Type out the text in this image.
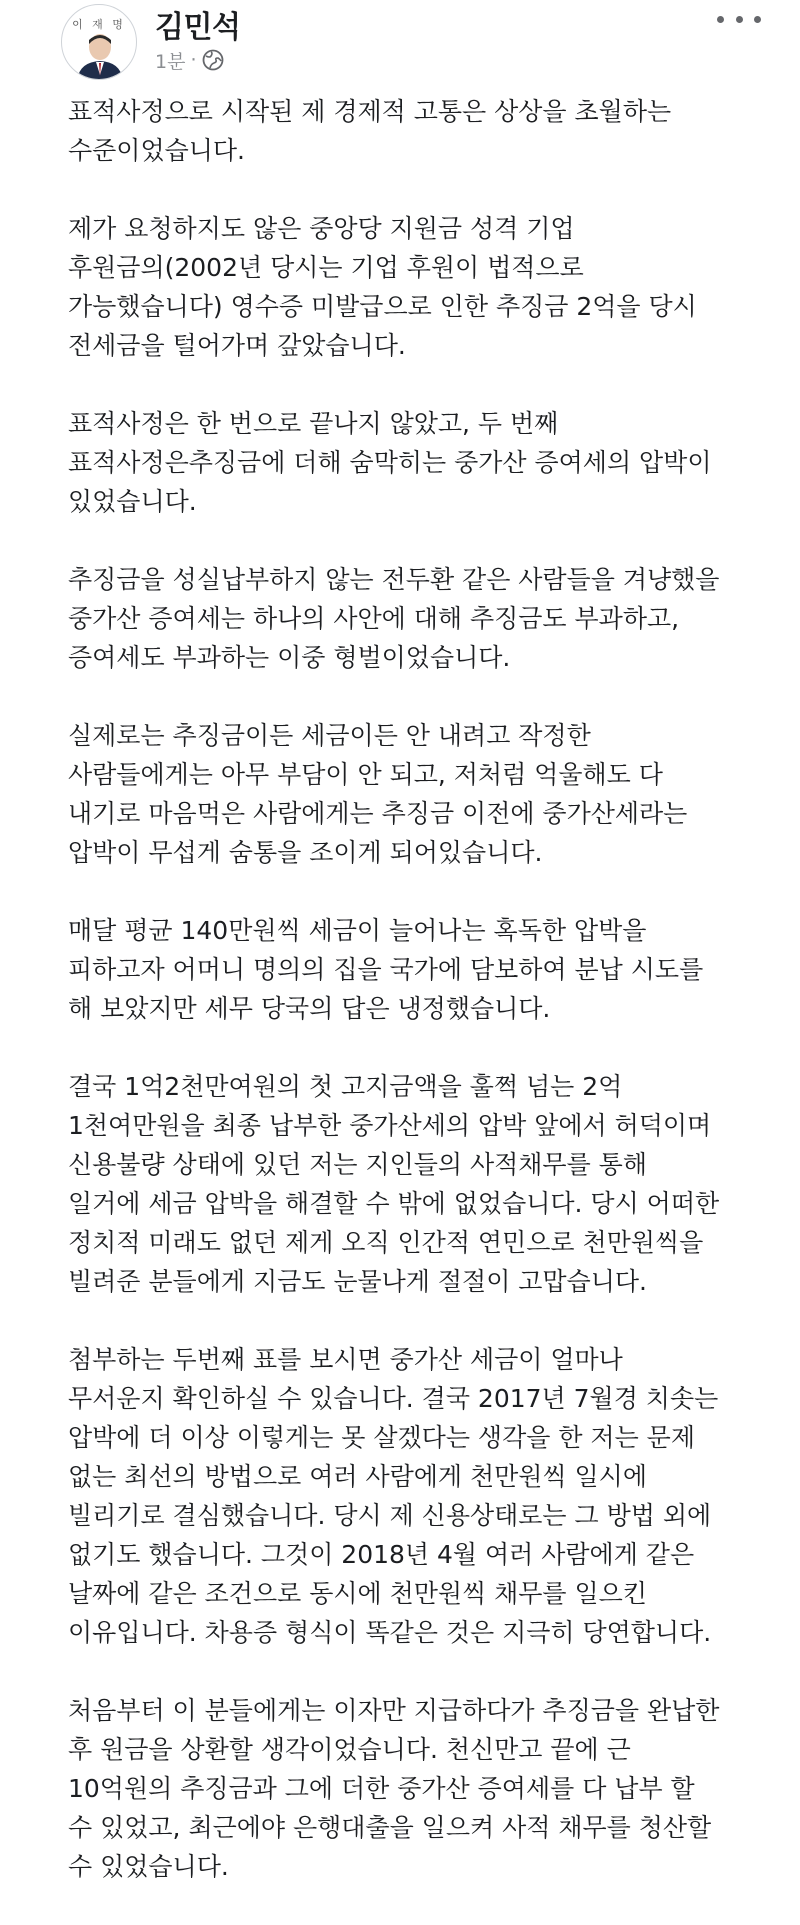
이 재 명 김민석
1분 ·
표적사정으로 시작된 제 경제적 고통은 상상을 초월하는
수준이었습니다.
제가 요청하지도 않은 중앙당 지원금 성격 기업
후원금의(2002년 당시는 기업 후원이 법적으로
가능했습니다) 영수증 미발급으로 인한 추징금 2억을 당시
전세금을 털어가며 갚았습니다.
표적사정은 한 번으로 끝나지 않았고, 두 번째
표적사정은추징금에 더해 숨막히는 중가산 증여세의 압박이
있었습니다.
추징금을 성실납부하지 않는 전두환 같은 사람들을 겨냥했을
중가산 증여세는 하나의 사안에 대해 추징금도 부과하고,
증여세도 부과하는 이중 형벌이었습니다.
실제로는 추징금이든 세금이든 안 내려고 작정한
사람들에게는 아무 부담이 안 되고, 저처럼 억울해도 다
내기로 마음먹은 사람에게는 추징금 이전에 중가산세라는
압박이 무섭게 숨통을 조이게 되어있습니다.
매달 평균 140만원씩 세금이 늘어나는 혹독한 압박을
피하고자 어머니 명의의 집을 국가에 담보하여 분납 시도를
해 보았지만 세무 당국의 답은 냉정했습니다.
결국 1억2천만여원의 첫 고지금액을 훌쩍 넘는 2억
1천여만원을 최종 납부한 중가산세의 압박 앞에서 허덕이며
신용불량 상태에 있던 저는 지인들의 사적채무를 통해
일거에 세금 압박을 해결할 수 밖에 없었습니다. 당시 어떠한
정치적 미래도 없던 제게 오직 인간적 연민으로 천만원씩을
빌려준 분들에게 지금도 눈물나게 절절이 고맙습니다.
첨부하는 두번째 표를 보시면 중가산 세금이 얼마나
무서운지 확인하실 수 있습니다. 결국 2017년 7월경 치솟는
압박에 더 이상 이렇게는 못 살겠다는 생각을 한 저는 문제
없는 최선의 방법으로 여러 사람에게 천만원씩 일시에
빌리기로 결심했습니다. 당시 제 신용상태로는 그 방법 외에
없기도 했습니다. 그것이 2018년 4월 여러 사람에게 같은
날짜에 같은 조건으로 동시에 천만원씩 채무를 일으킨
이유입니다. 차용증 형식이 똑같은 것은 지극히 당연합니다.
처음부터 이 분들에게는 이자만 지급하다가 추징금을 완납한
후 원금을 상환할 생각이었습니다. 천신만고 끝에 근
10억원의 추징금과 그에 더한 중가산 증여세를 다 납부 할
수 있었고, 최근에야 은행대출을 일으켜 사적 채무를 청산할
수 있었습니다.
